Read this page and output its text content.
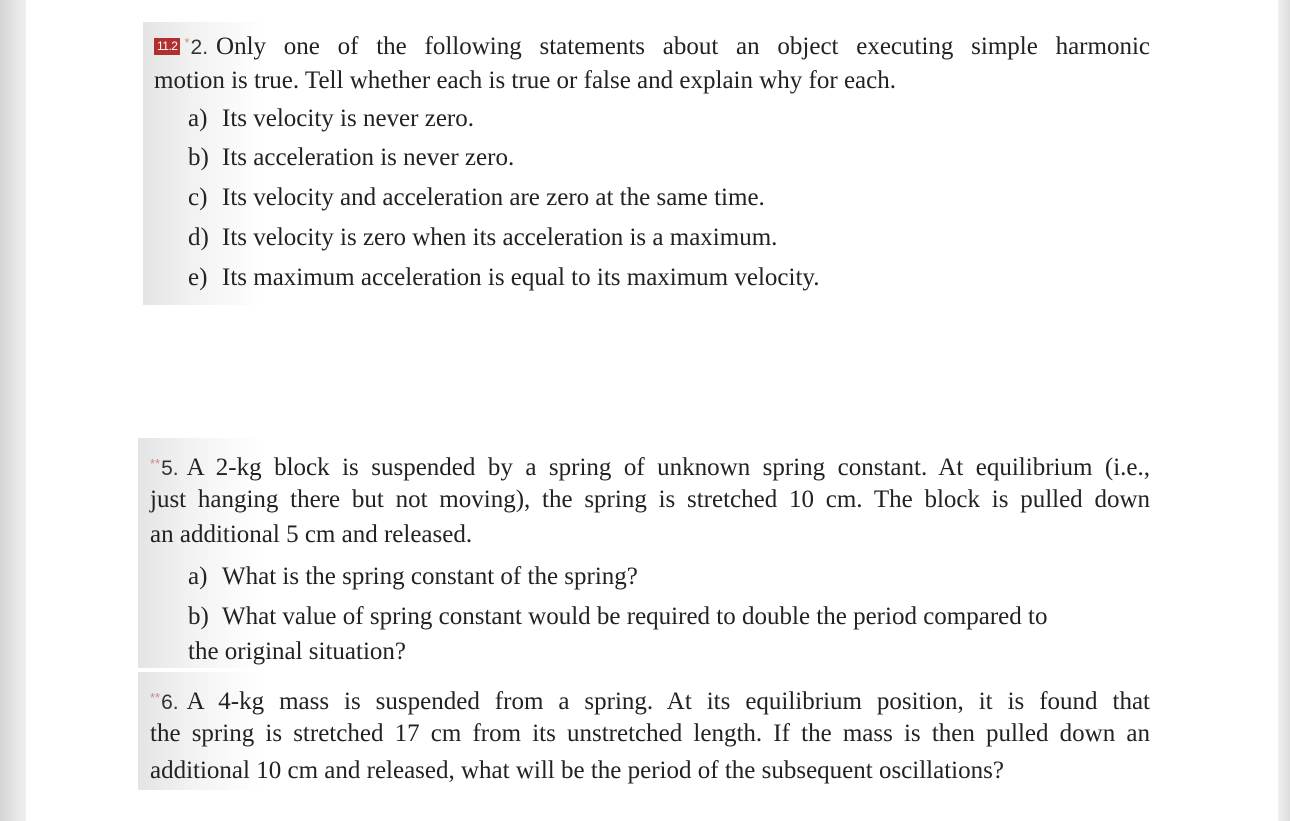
11.2 *2. Only one of the following statements about an object executing simple harmonic
motion is true. Tell whether each is true or false and explain why for each.
a) Its velocity is never zero.
b) Its acceleration is never zero.
c) Its velocity and acceleration are zero at the same time.
d) Its velocity is zero when its acceleration is a maximum.
e) Its maximum acceleration is equal to its maximum velocity.
**5. A 2-kg block is suspended by a spring of unknown spring constant. At equilibrium (i.e.,
just hanging there but not moving), the spring is stretched 10 cm. The block is pulled down
an additional 5 cm and released.
a) What is the spring constant of the spring?
b) What value of spring constant would be required to double the period compared to
the original situation?
**6. A 4-kg mass is suspended from a spring. At its equilibrium position, it is found that
the spring is stretched 17 cm from its unstretched length. If the mass is then pulled down an
additional 10 cm and released, what will be the period of the subsequent oscillations?
